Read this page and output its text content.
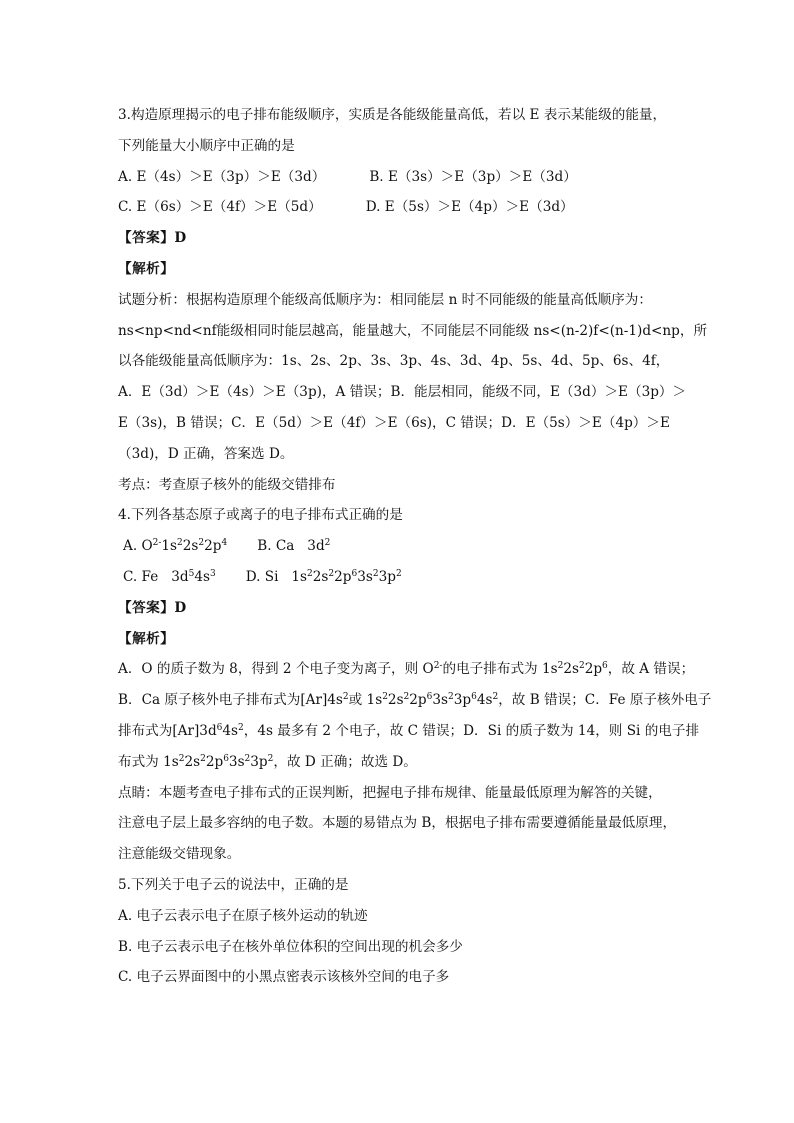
3.构造原理揭示的电子排布能级顺序，实质是各能级能量高低，若以 E 表示某能级的能量，
下列能量大小顺序中正确的是
A. E（4s）＞E（3p）＞E（3d）	B. E（3s）＞E（3p）＞E（3d）
C. E（6s）＞E（4f）＞E（5d）	D. E（5s）＞E（4p）＞E（3d）
【答案】D
【解析】
试题分析：根据构造原理个能级高低顺序为：相同能层 n 时不同能级的能量高低顺序为：
ns<np<nd<nf能级相同时能层越高，能量越大，不同能层不同能级 ns<(n-2)f<(n-1)d<np，所
以各能级能量高低顺序为：1s、2s、2p、3s、3p、4s、3d、4p、5s、4d、5p、6s、4f，
A．E（3d）＞E（4s）＞E（3p)，A 错误；B．能层相同，能级不同，E（3d）＞E（3p）＞
E（3s)，B 错误；C．E（5d）＞E（4f）＞E（6s)，C 错误；D．E（5s）＞E（4p）＞E
（3d)，D 正确，答案选 D。
考点：考查原子核外的能级交错排布
4.下列各基态原子或离子的电子排布式正确的是
A. $O^{2-}1s^22s^22p^4$ B. Ca   $3d^2$
C. Fe   $3d^54s^3$ D. Si   $1s^22s^22p^63s^23p^2$
【答案】D
【解析】
A．O 的质子数为 8，得到 2 个电子变为离子，则 $O^{2-}$的电子排布式为 $1s^22s^22p^6$，故 A 错误；
B．Ca 原子核外电子排布式为$[Ar]4s^2$或 $1s^22s^22p^63s^23p^64s^2$，故 B 错误；C．Fe 原子核外电子
排布式为$[Ar]3d^64s^2$，4s 最多有 2 个电子，故 C 错误；D．Si 的质子数为 14，则 Si 的电子排
布式为 $1s^22s^22p^63s^23p^2$，故 D 正确；故选 D。
点睛：本题考查电子排布式的正误判断，把握电子排布规律、能量最低原理为解答的关键，
注意电子层上最多容纳的电子数。本题的易错点为 B，根据电子排布需要遵循能量最低原理，
注意能级交错现象。
5.下列关于电子云的说法中，正确的是
A. 电子云表示电子在原子核外运动的轨迹
B. 电子云表示电子在核外单位体积的空间出现的机会多少
C. 电子云界面图中的小黑点密表示该核外空间的电子多
